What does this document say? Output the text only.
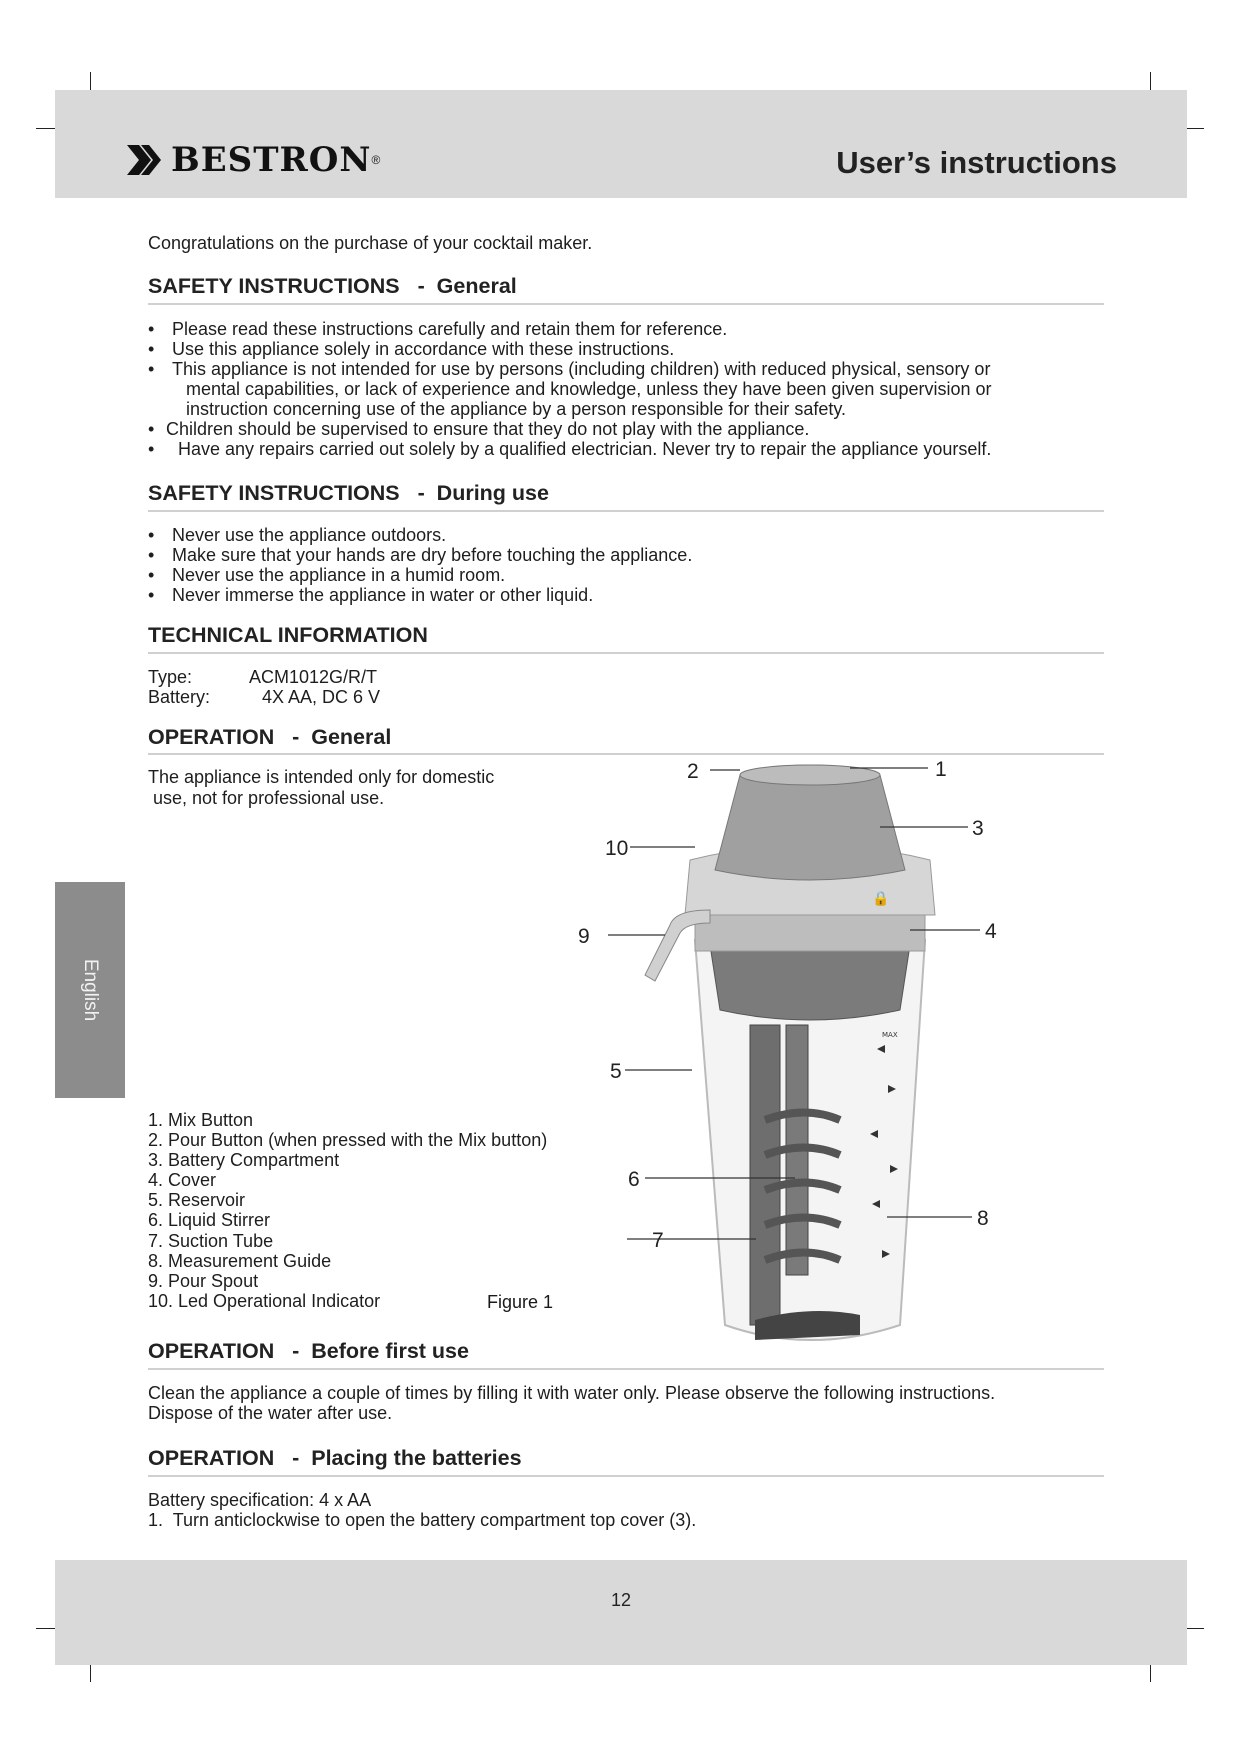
BESTRON ®	User’s instructions
Congratulations on the purchase of your cocktail maker.
SAFETY INSTRUCTIONS   -  General
• Please read these instructions carefully and retain them for reference.
• Use this appliance solely in accordance with these instructions.
• This appliance is not intended for use by persons (including children) with reduced physical, sensory or
mental capabilities, or lack of experience and knowledge, unless they have been given supervision or
instruction concerning use of the appliance by a person responsible for their safety.
• Children should be supervised to ensure that they do not play with the appliance.
• Have any repairs carried out solely by a qualified electrician. Never try to repair the appliance yourself.
SAFETY INSTRUCTIONS   -  During use
• Never use the appliance outdoors.
• Make sure that your hands are dry before touching the appliance.
• Never use the appliance in a humid room.
• Never immerse the appliance in water or other liquid.
TECHNICAL INFORMATION
Type:	ACM1012G/R/T
Battery:	4X AA, DC 6 V
OPERATION   -  General
The appliance is intended only for domestic
use, not for professional use.
1. Mix Button
2. Pour Button (when pressed with the Mix button)
3. Battery Compartment
4. Cover
5. Reservoir
6. Liquid Stirrer
7. Suction Tube
8. Measurement Guide
9. Pour Spout
10. Led Operational Indicator	Figure 1
🔒
MAX
1
2
3
4
5
6
7
8
9
10
OPERATION   -  Before first use
Clean the appliance a couple of times by filling it with water only. Please observe the following instructions.
Dispose of the water after use.
OPERATION   -  Placing the batteries
Battery specification: 4 x AA
1.  Turn anticlockwise to open the battery compartment top cover (3).
English
12
